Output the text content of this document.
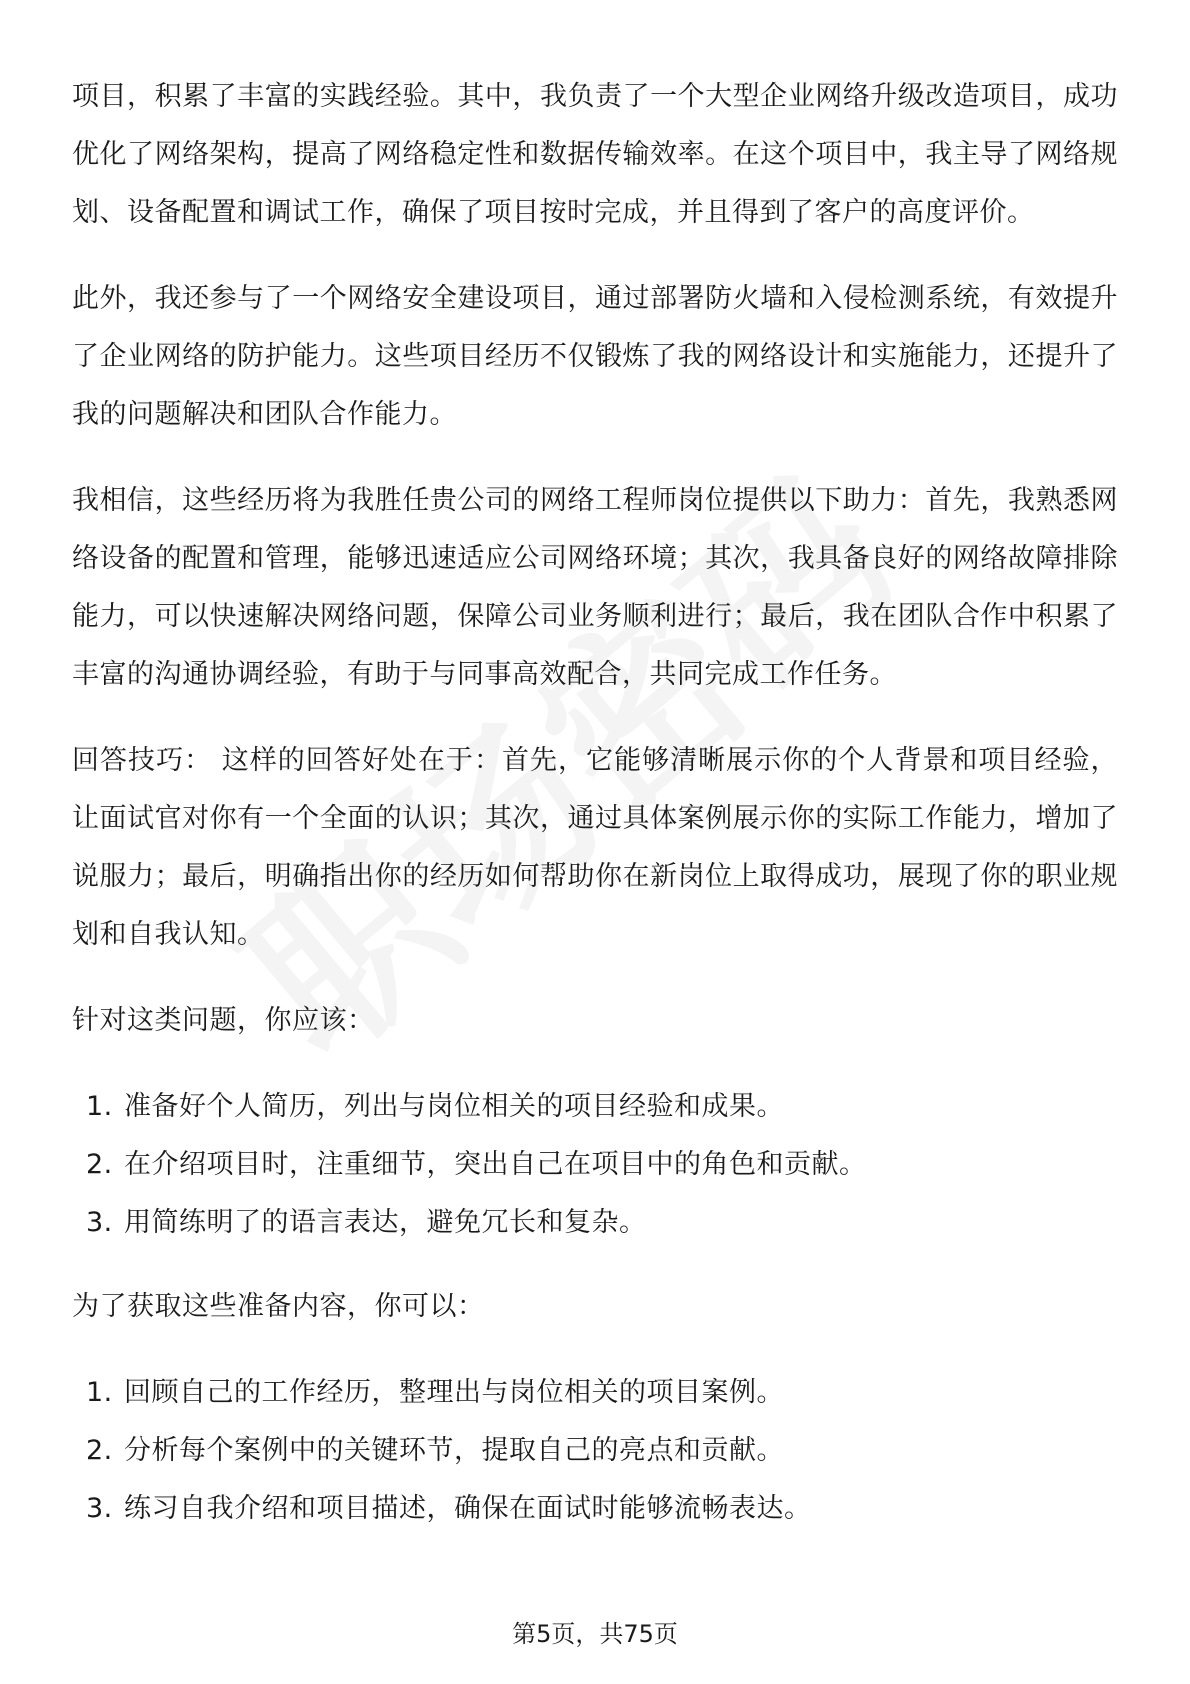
项目，积累了丰富的实践经验。其中，我负责了一个大型企业网络升级改造项目，成功优化了网络架构，提高了网络稳定性和数据传输效率。在这个项目中，我主导了网络规划、设备配置和调试工作，确保了项目按时完成，并且得到了客户的高度评价。

此外，我还参与了一个网络安全建设项目，通过部署防火墙和入侵检测系统，有效提升了企业网络的防护能力。这些项目经历不仅锻炼了我的网络设计和实施能力，还提升了我的问题解决和团队合作能力。

我相信，这些经历将为我胜任贵公司的网络工程师岗位提供以下助力：首先，我熟悉网络设备的配置和管理，能够迅速适应公司网络环境；其次，我具备良好的网络故障排除能力，可以快速解决网络问题，保障公司业务顺利进行；最后，我在团队合作中积累了丰富的沟通协调经验，有助于与同事高效配合，共同完成工作任务。

回答技巧： 这样的回答好处在于：首先，它能够清晰展示你的个人背景和项目经验，让面试官对你有一个全面的认识；其次，通过具体案例展示你的实际工作能力，增加了说服力；最后，明确指出你的经历如何帮助你在新岗位上取得成功，展现了你的职业规划和自我认知。

针对这类问题，你应该：

1. 准备好个人简历，列出与岗位相关的项目经验和成果。
2. 在介绍项目时，注重细节，突出自己在项目中的角色和贡献。
3. 用简练明了的语言表达，避免冗长和复杂。

为了获取这些准备内容，你可以：

1. 回顾自己的工作经历，整理出与岗位相关的项目案例。
2. 分析每个案例中的关键环节，提取自己的亮点和贡献。
3. 练习自我介绍和项目描述，确保在面试时能够流畅表达。
第5页，共75页
